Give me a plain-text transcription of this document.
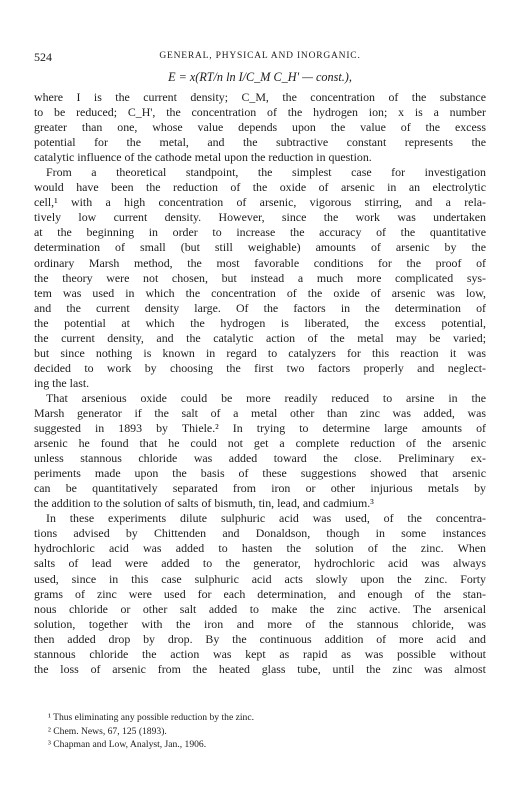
524	GENERAL, PHYSICAL AND INORGANIC.
E = x(RT/n ln I/C_M C_H' — const.),
where I is the current density; C_M, the concentration of the substance
to be reduced; C_H', the concentration of the hydrogen ion; x is a number
greater than one, whose value depends upon the value of the excess
potential for the metal, and the subtractive constant represents the
catalytic influence of the cathode metal upon the reduction in question.
From a theoretical standpoint, the simplest case for investigation
would have been the reduction of the oxide of arsenic in an electrolytic
cell,¹ with a high concentration of arsenic, vigorous stirring, and a rela-
tively low current density. However, since the work was undertaken
at the beginning in order to increase the accuracy of the quantitative
determination of small (but still weighable) amounts of arsenic by the
ordinary Marsh method, the most favorable conditions for the proof of
the theory were not chosen, but instead a much more complicated sys-
tem was used in which the concentration of the oxide of arsenic was low,
and the current density large. Of the factors in the determination of
the potential at which the hydrogen is liberated, the excess potential,
the current density, and the catalytic action of the metal may be varied;
but since nothing is known in regard to catalyzers for this reaction it was
decided to work by choosing the first two factors properly and neglect-
ing the last.
That arsenious oxide could be more readily reduced to arsine in the
Marsh generator if the salt of a metal other than zinc was added, was
suggested in 1893 by Thiele.² In trying to determine large amounts of
arsenic he found that he could not get a complete reduction of the arsenic
unless stannous chloride was added toward the close. Preliminary ex-
periments made upon the basis of these suggestions showed that arsenic
can be quantitatively separated from iron or other injurious metals by
the addition to the solution of salts of bismuth, tin, lead, and cadmium.³
In these experiments dilute sulphuric acid was used, of the concentra-
tions advised by Chittenden and Donaldson, though in some instances
hydrochloric acid was added to hasten the solution of the zinc. When
salts of lead were added to the generator, hydrochloric acid was always
used, since in this case sulphuric acid acts slowly upon the zinc. Forty
grams of zinc were used for each determination, and enough of the stan-
nous chloride or other salt added to make the zinc active. The arsenical
solution, together with the iron and more of the stannous chloride, was
then added drop by drop. By the continuous addition of more acid and
stannous chloride the action was kept as rapid as was possible without
the loss of arsenic from the heated glass tube, until the zinc was almost
¹ Thus eliminating any possible reduction by the zinc.
² Chem. News, 67, 125 (1893).
³ Chapman and Low, Analyst, Jan., 1906.
